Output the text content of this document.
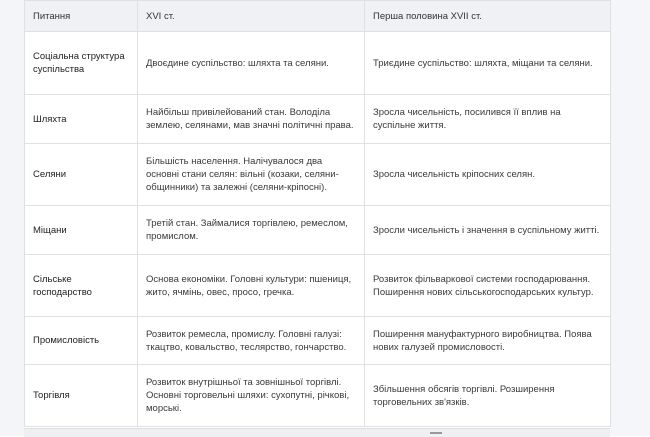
Питання	XVI ст.	Перша половина XVII ст.
Соціальна структура суспільства	Двоєдине суспільство: шляхта та селяни.	Триєдине суспільство: шляхта, міщани та селяни.
Шляхта	Найбільш привілейований стан. Володіла землею, селянами, мав значні політичні права.	Зросла чисельність, посилився її вплив на суспільне життя.
Селяни	Більшість населення. Налічувалося два основні стани селян: вільні (козаки, селяни-общинники) та залежні (селяни-кріпосні).	Зросла чисельність кріпосних селян.
Міщани	Третій стан. Займалися торгівлею, ремеслом, промислом.	Зросли чисельність і значення в суспільному житті.
Сільське господарство	Основа економіки. Головні культури: пшениця, жито, ячмінь, овес, просо, гречка.	Розвиток фільваркової системи господарювання. Поширення нових сільськогосподарських культур.
Промисловість	Розвиток ремесла, промислу. Головні галузі: ткацтво, ковальство, теслярство, гончарство.	Поширення мануфактурного виробництва. Поява нових галузей промисловості.
Торгівля	Розвиток внутрішньої та зовнішньої торгівлі. Основні торговельні шляхи: сухопутні, річкові, морські.	Збільшення обсягів торгівлі. Розширення торговельних зв'язків.
